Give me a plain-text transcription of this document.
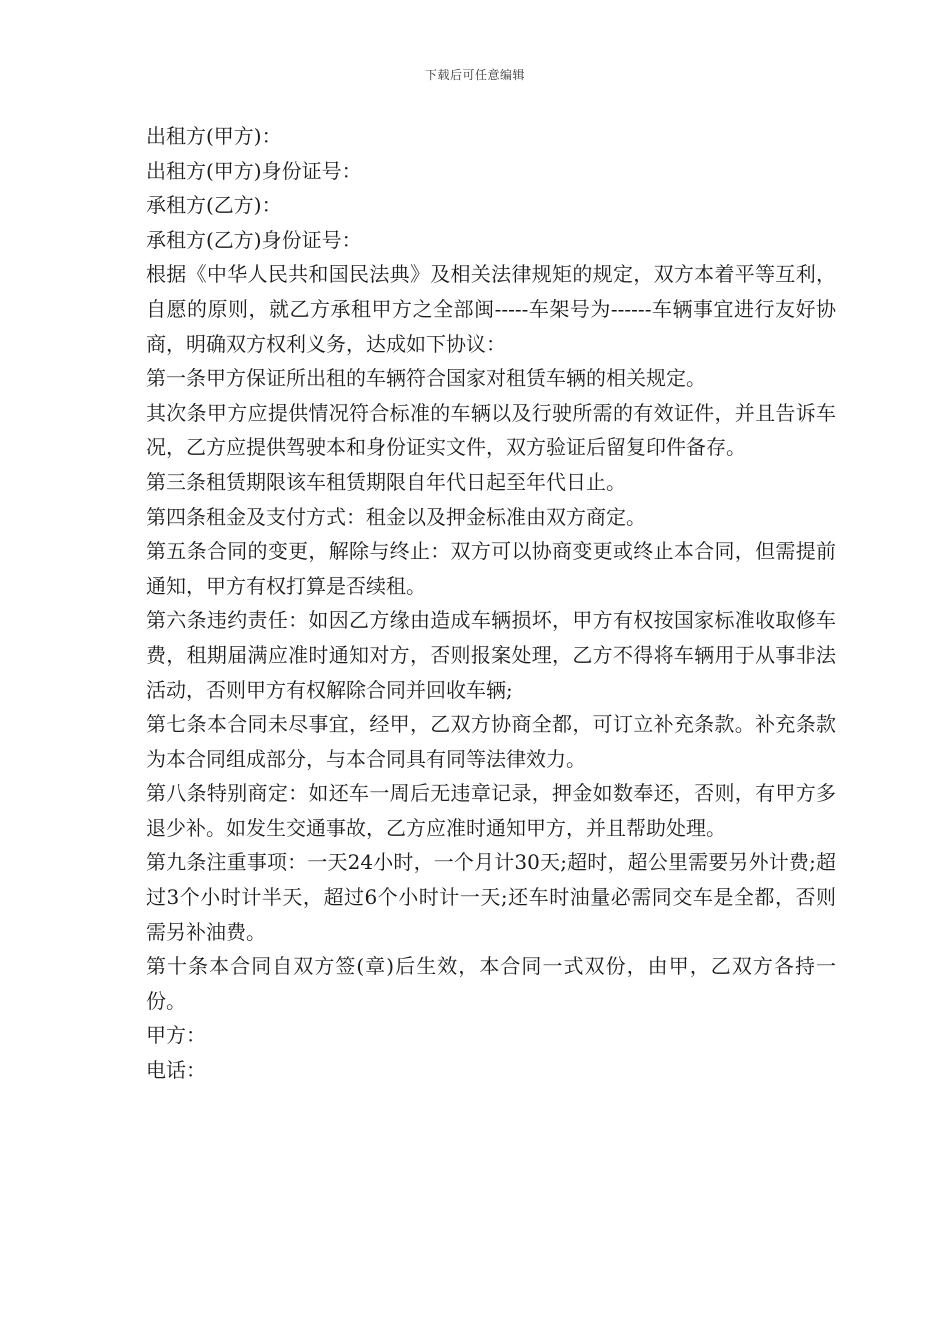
下载后可任意编辑

出租方(甲方)：

出租方(甲方)身份证号：

承租方(乙方)：

承租方(乙方)身份证号：

根据《中华人民共和国民法典》及相关法律规矩的规定，双方本着平等互利，自愿的原则，就乙方承租甲方之全部闽-----车架号为------车辆事宜进行友好协商，明确双方权利义务，达成如下协议：

第一条甲方保证所出租的车辆符合国家对租赁车辆的相关规定。

其次条甲方应提供情况符合标准的车辆以及行驶所需的有效证件，并且告诉车况，乙方应提供驾驶本和身份证实文件，双方验证后留复印件备存。

第三条租赁期限该车租赁期限自年代日起至年代日止。

第四条租金及支付方式：租金以及押金标准由双方商定。

第五条合同的变更，解除与终止：双方可以协商变更或终止本合同，但需提前通知，甲方有权打算是否续租。

第六条违约责任：如因乙方缘由造成车辆损坏，甲方有权按国家标准收取修车费，租期届满应准时通知对方，否则报案处理，乙方不得将车辆用于从事非法活动，否则甲方有权解除合同并回收车辆;

第七条本合同未尽事宜，经甲，乙双方协商全都，可订立补充条款。补充条款为本合同组成部分，与本合同具有同等法律效力。

第八条特别商定：如还车一周后无违章记录，押金如数奉还，否则，有甲方多退少补。如发生交通事故，乙方应准时通知甲方，并且帮助处理。

第九条注重事项：一天24小时，一个月计30天;超时，超公里需要另外计费;超过3个小时计半天，超过6个小时计一天;还车时油量必需同交车是全都，否则需另补油费。

第十条本合同自双方签(章)后生效，本合同一式双份，由甲，乙双方各持一份。

甲方：

电话：
